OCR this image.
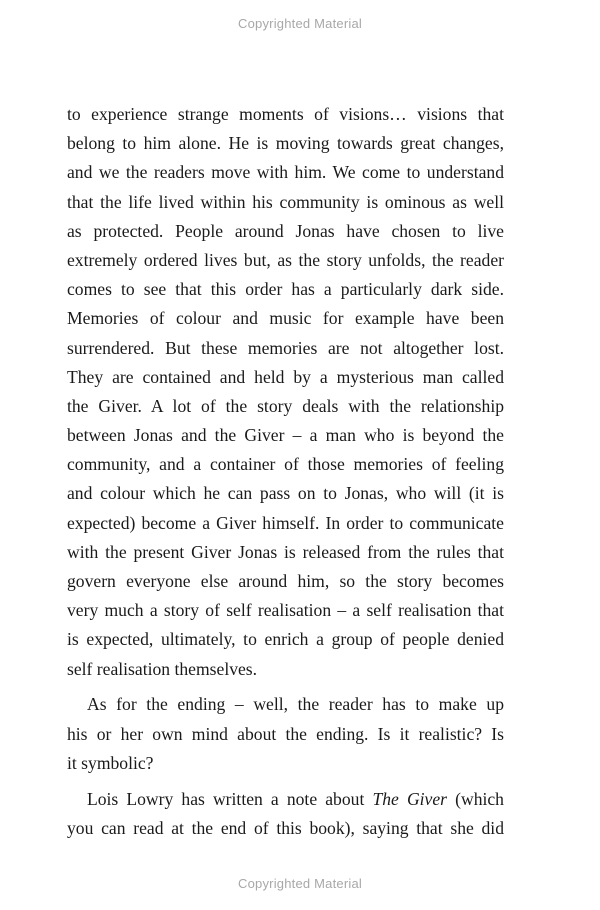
Copyrighted Material
to experience strange moments of visions… visions that
belong to him alone. He is moving towards great changes,
and we the readers move with him. We come to understand
that the life lived within his community is ominous as well
as protected. People around Jonas have chosen to live
extremely ordered lives but, as the story unfolds, the reader
comes to see that this order has a particularly dark side.
Memories of colour and music for example have been
surrendered. But these memories are not altogether lost.
They are contained and held by a mysterious man called
the Giver. A lot of the story deals with the relationship
between Jonas and the Giver – a man who is beyond the
community, and a container of those memories of feeling
and colour which he can pass on to Jonas, who will (it is
expected) become a Giver himself. In order to communicate
with the present Giver Jonas is released from the rules that
govern everyone else around him, so the story becomes
very much a story of self realisation – a self realisation that
is expected, ultimately, to enrich a group of people denied
self realisation themselves.
As for the ending – well, the reader has to make up
his or her own mind about the ending. Is it realistic? Is
it symbolic?
Lois Lowry has written a note about The Giver (which
you can read at the end of this book), saying that she did
Copyrighted Material
